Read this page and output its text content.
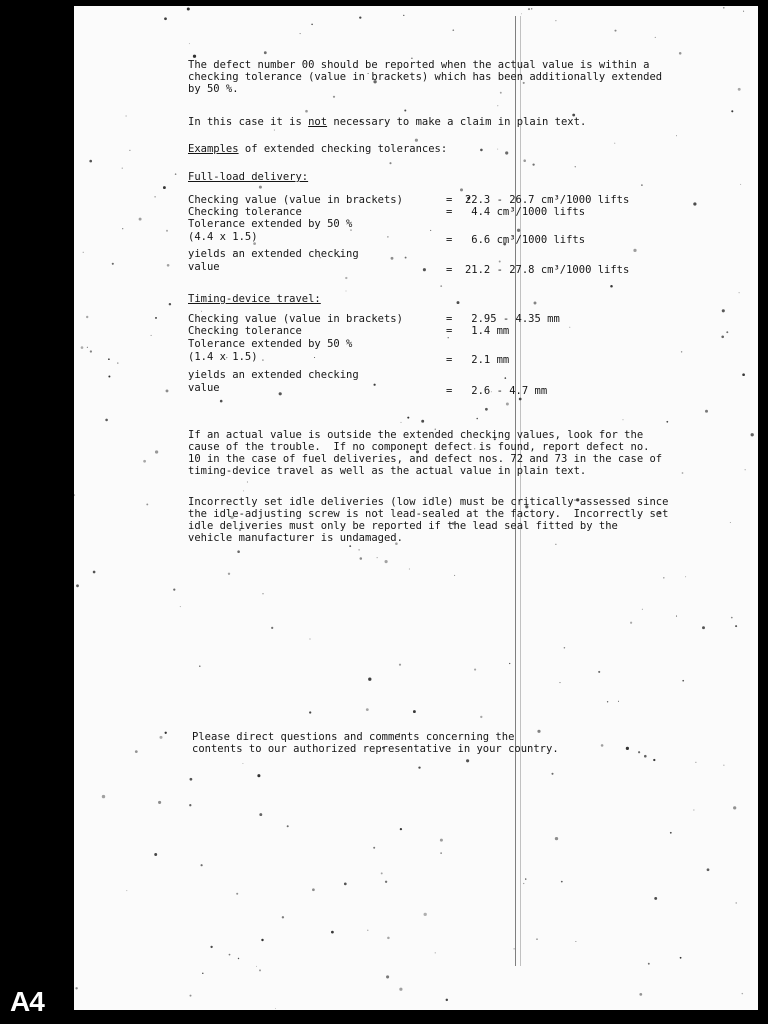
The defect number 00 should be reported when the actual value is within a
checking tolerance (value in brackets) which has been additionally extended
by 50 %.
In this case it is not necessary to make a claim in plain text.
Examples of extended checking tolerances:
Full-load delivery:
Checking value (value in brackets)	=  22.3 - 26.7 cm³/1000 lifts
Checking tolerance	=   4.4 cm³/1000 lifts
Tolerance extended by 50 %
(4.4 x 1.5)	=   6.6 cm³/1000 lifts
yields an extended checking
value	=  21.2 - 27.8 cm³/1000 lifts
Timing-device travel:
Checking value (value in brackets)	=   2.95 - 4.35 mm
Checking tolerance	=   1.4 mm
Tolerance extended by 50 %
(1.4 x 1.5)	=   2.1 mm
yields an extended checking
value	=   2.6 - 4.7 mm
If an actual value is outside the extended checking values, look for the
cause of the trouble.  If no component defect is found, report defect no.
10 in the case of fuel deliveries, and defect nos. 72 and 73 in the case of
timing-device travel as well as the actual value in plain text.
Incorrectly set idle deliveries (low idle) must be critically assessed since
the idle-adjusting screw is not lead-sealed at the factory.  Incorrectly set
idle deliveries must only be reported if the lead seal fitted by the
vehicle manufacturer is undamaged.
Please direct questions and comments concerning the
contents to our authorized representative in your country.
A4
